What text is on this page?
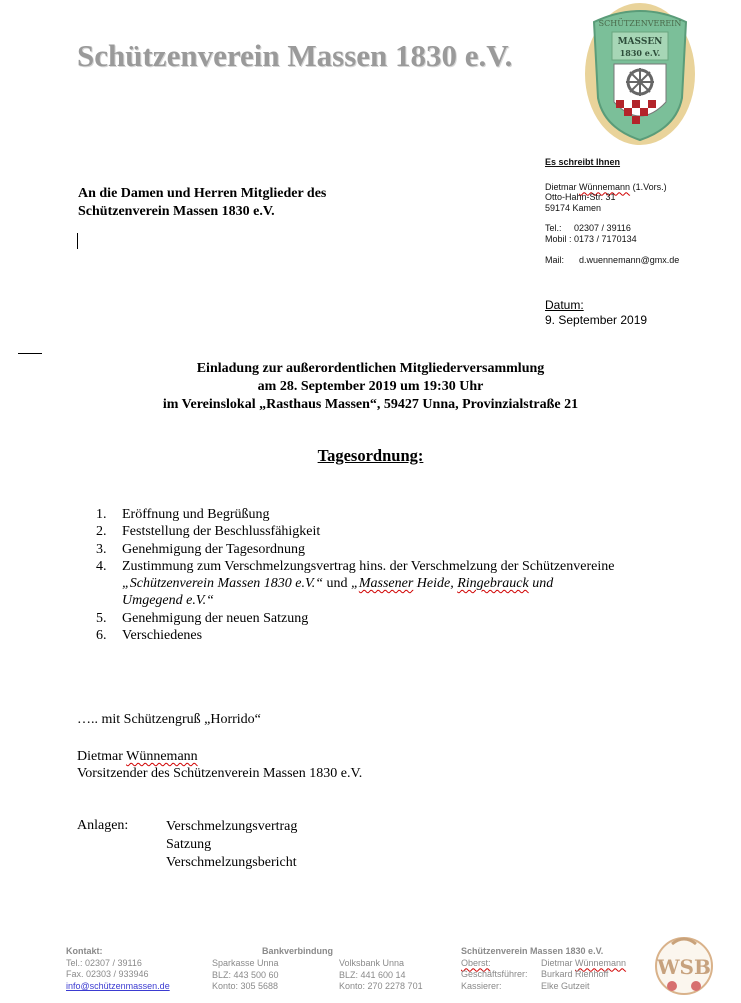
Schützenverein Massen 1830 e.V.
SCHÜTZENVEREIN
MASSEN
1830 e.V.
Es schreibt Ihnen
Dietmar Wünnemann (1.Vors.)
Otto-Hahn-Str. 31
59174 Kamen
Tel.: 02307 / 39116
Mobil : 0173 / 7170134
Mail: d.wuennemann@gmx.de
An die Damen und Herren Mitglieder des
Schützenverein Massen 1830 e.V.
Datum:
9. September 2019
Einladung zur außerordentlichen Mitgliederversammlung
am 28. September 2019 um 19:30 Uhr
im Vereinslokal „Rasthaus Massen“, 59427 Unna, Provinzialstraße 21
Tagesordnung:
1.	Eröffnung und Begrüßung
2.	Feststellung der Beschlussfähigkeit
3.	Genehmigung der Tagesordnung
4.	Zustimmung zum Verschmelzungsvertrag hins. der Verschmelzung der Schützenvereine
„Schützenverein Massen 1830 e.V.“ und „Massener Heide, Ringebrauck und
Umgegend e.V.“
5.	Genehmigung der neuen Satzung
6.	Verschiedenes
….. mit Schützengruß „Horrido“
Dietmar Wünnemann
Vorsitzender des Schützenverein Massen 1830 e.V.
Anlagen:	Verschmelzungsvertrag
Satzung
Verschmelzungsbericht
Kontakt:
Tel.: 02307 / 39116
Fax. 02303 / 933946
info@schützenmassen.de
Bankverbindung
Sparkasse Unna
BLZ: 443 500 60
Konto: 305 5688
Volksbank Unna
BLZ: 441 600 14
Konto: 270 2278 701
Schützenverein Massen 1830 e.V.
Oberst:	Dietmar Wünnemann
Geschäftsführer:	Burkard Rienhoff
Kassierer:	Elke Gutzeit
WSB
